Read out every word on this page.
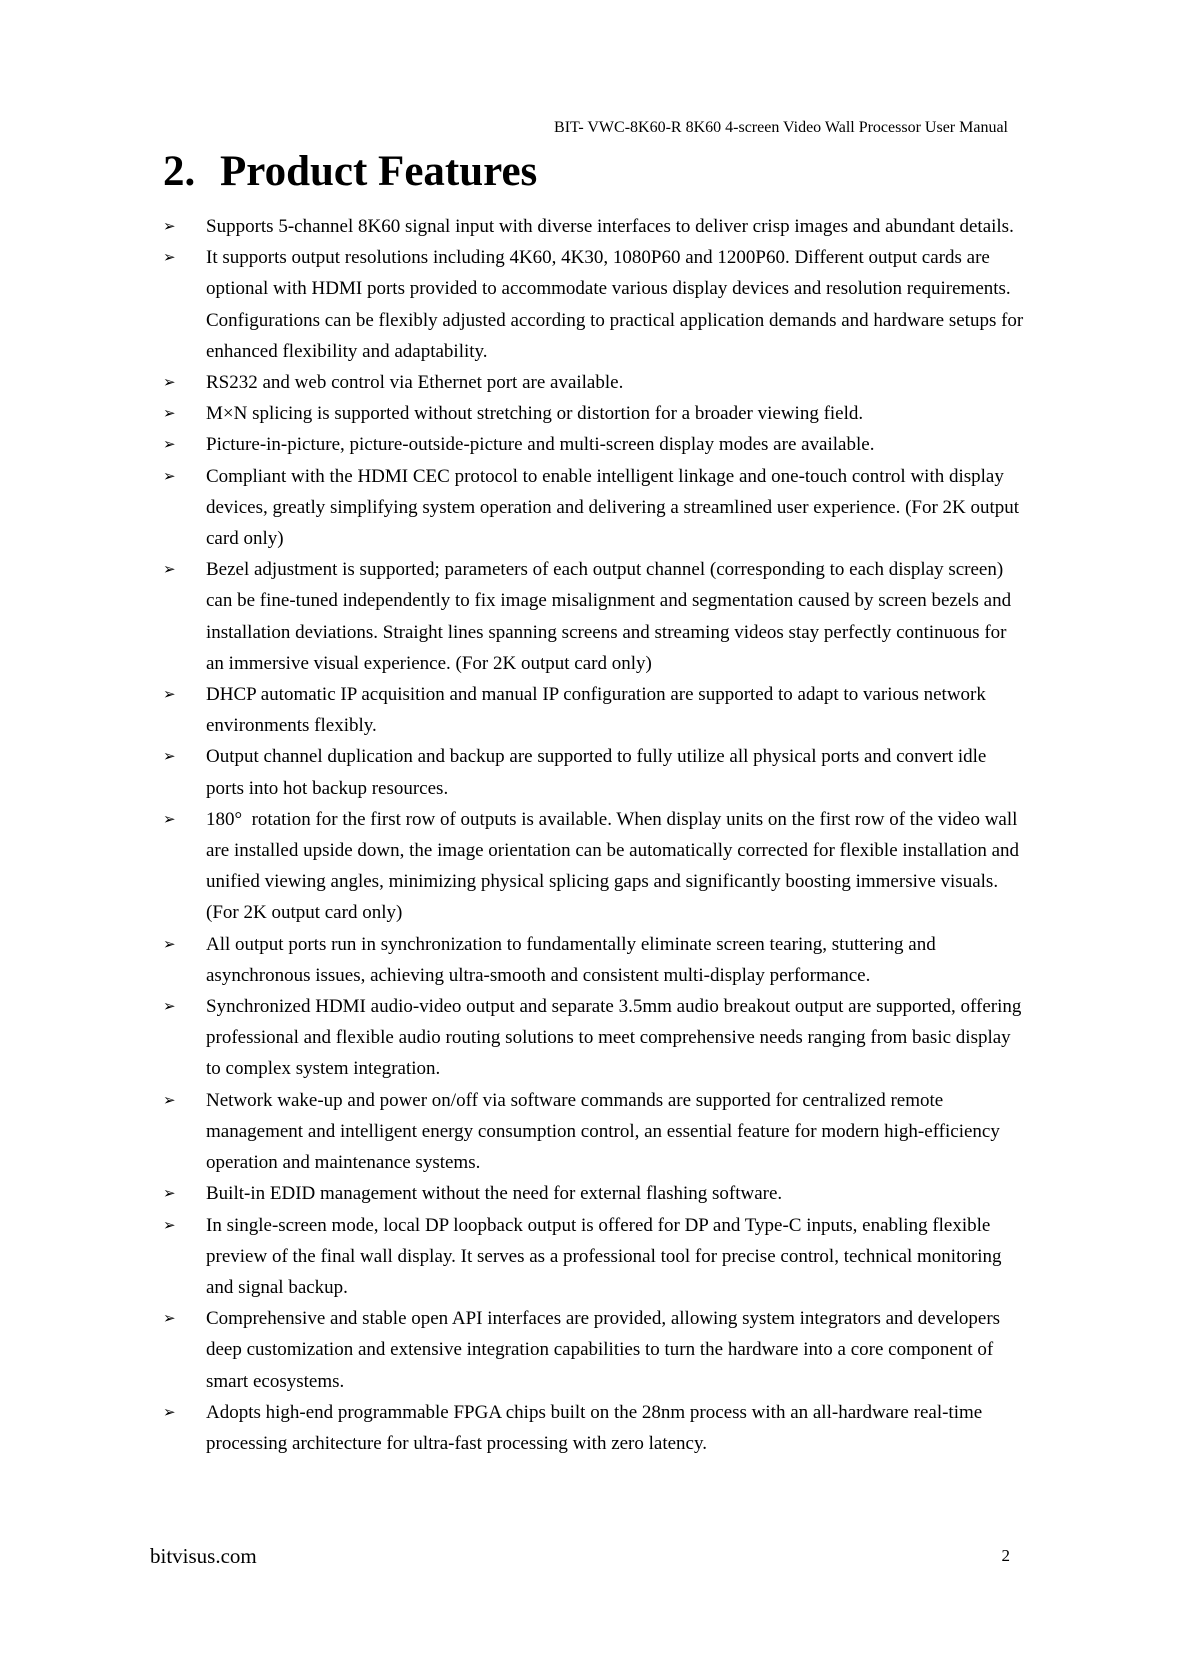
BIT- VWC-8K60-R 8K60 4-screen Video Wall Processor User Manual
2. Product Features
➢ Supports 5-channel 8K60 signal input with diverse interfaces to deliver crisp images and abundant details.
➢ It supports output resolutions including 4K60, 4K30, 1080P60 and 1200P60. Different output cards are optional with HDMI ports provided to accommodate various display devices and resolution requirements. Configurations can be flexibly adjusted according to practical application demands and hardware setups for enhanced flexibility and adaptability.
➢ RS232 and web control via Ethernet port are available.
➢ M×N splicing is supported without stretching or distortion for a broader viewing field.
➢ Picture-in-picture, picture-outside-picture and multi-screen display modes are available.
➢ Compliant with the HDMI CEC protocol to enable intelligent linkage and one-touch control with display devices, greatly simplifying system operation and delivering a streamlined user experience. (For 2K output card only)
➢ Bezel adjustment is supported; parameters of each output channel (corresponding to each display screen) can be fine-tuned independently to fix image misalignment and segmentation caused by screen bezels and installation deviations. Straight lines spanning screens and streaming videos stay perfectly continuous for an immersive visual experience. (For 2K output card only)
➢ DHCP automatic IP acquisition and manual IP configuration are supported to adapt to various network environments flexibly.
➢ Output channel duplication and backup are supported to fully utilize all physical ports and convert idle ports into hot backup resources.
➢ 180°  rotation for the first row of outputs is available. When display units on the first row of the video wall are installed upside down, the image orientation can be automatically corrected for flexible installation and unified viewing angles, minimizing physical splicing gaps and significantly boosting immersive visuals. (For 2K output card only)
➢ All output ports run in synchronization to fundamentally eliminate screen tearing, stuttering and asynchronous issues, achieving ultra-smooth and consistent multi-display performance.
➢ Synchronized HDMI audio-video output and separate 3.5mm audio breakout output are supported, offering professional and flexible audio routing solutions to meet comprehensive needs ranging from basic display to complex system integration.
➢ Network wake-up and power on/off via software commands are supported for centralized remote management and intelligent energy consumption control, an essential feature for modern high-efficiency operation and maintenance systems.
➢ Built-in EDID management without the need for external flashing software.
➢ In single-screen mode, local DP loopback output is offered for DP and Type-C inputs, enabling flexible preview of the final wall display. It serves as a professional tool for precise control, technical monitoring and signal backup.
➢ Comprehensive and stable open API interfaces are provided, allowing system integrators and developers deep customization and extensive integration capabilities to turn the hardware into a core component of smart ecosystems.
➢ Adopts high-end programmable FPGA chips built on the 28nm process with an all-hardware real-time processing architecture for ultra-fast processing with zero latency.
bitvisus.com	2
